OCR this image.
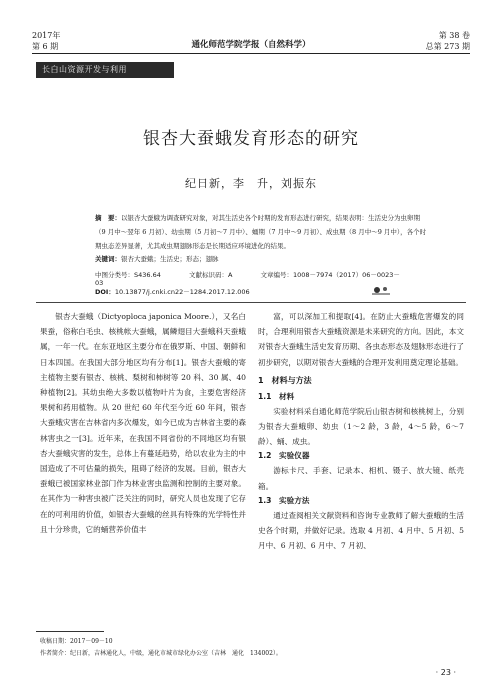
2017年
第 6 期	通化师范学院学报（自然科学）
第 38 卷
总第 273 期
长白山资源开发与利用
银杏大蚕蛾发育形态的研究
纪日新，李　升，刘振东
摘　要：以银杏大蚕蛾为调查研究对象，对其生活史各个时期的发育形态进行研究，结果表明：生活史分为虫卵期（9 月中～翌年 6 月初）、幼虫期（5 月初～7 月中）、蛹期（7 月中～9 月初）、成虫期（8 月中～9 月中），各个时期虫态差异显著，尤其成虫期翅脉形态是长期适应环境进化的结果。
关键词：银杏大蚕蛾；生活史；形态；翅脉
中图分类号：S436.64	文献标识码：A	文章编号：1008－7974（2017）06－0023－03
DOI：10.13877/j.cnki.cn22－1284.2017.12.006

银杏大蚕蛾（Dictyoploca japonica Moore.），又名白果蚕，俗称白毛虫、核桃帐大蚕蛾，属鳞翅目大蚕蛾科天蚕蛾属，一年一代。在东亚地区主要分布在俄罗斯、中国、朝鲜和日本四国。在我国大部分地区均有分布[1]。银杏大蚕蛾的寄主植物主要有银杏、核桃、梨树和柿树等 20 科、30 属、40 种植物[2]。其幼虫绝大多数以植物叶片为食，主要危害经济果树和药用植物。从 20 世纪 60 年代至今近 60 年间，银杏大蚕蛾灾害在吉林省内多次爆发，如今已成为吉林省主要的森林害虫之一[3]。近年来，在我国不同省份的不同地区均有银杏大蚕蛾灾害的发生，总体上有蔓延趋势，给以农业为主的中国造成了不可估量的损失，阻碍了经济的发展。目前，银杏大蚕蛾已被国家林业部门作为林业害虫监测和控制的主要对象。在其作为一种害虫被广泛关注的同时，研究人员也发现了它存在的可利用的价值，如银杏大蚕蛾的丝具有特殊的光学特性并且十分珍贵，它的蛹营养价值丰

富，可以深加工和提取[4]。在防止大蚕蛾危害爆发的同时，合理利用银杏大蚕蛾资源是未来研究的方向。因此，本文对银杏大蚕蛾生活史发育历期、各虫态形态及翅脉形态进行了初步研究，以期对银杏大蚕蛾的合理开发利用奠定理论基础。

1　材料与方法
1.1　材料

实验材料采自通化师范学院后山银杏树和核桃树上，分别为银杏大蚕蛾卵、幼虫（1～2 龄，3 龄，4～5 龄，6～7 龄）、蛹、成虫。

1.2　实验仪器

游标卡尺、手套、记录本、相机、镊子、放大镜、纸壳箱。

1.3　实验方法

通过查阅相关文献资料和咨询专业教师了解大蚕蛾的生活史各个时期，并做好记录。选取 4 月初、4 月中、5 月初、5 月中、6 月初、6 月中、7 月初、

收稿日期：2017－09－10
作者简介：纪日新，吉林通化人，中级，通化市城市绿化办公室（吉林　通化　134002）。
· 23 ·
